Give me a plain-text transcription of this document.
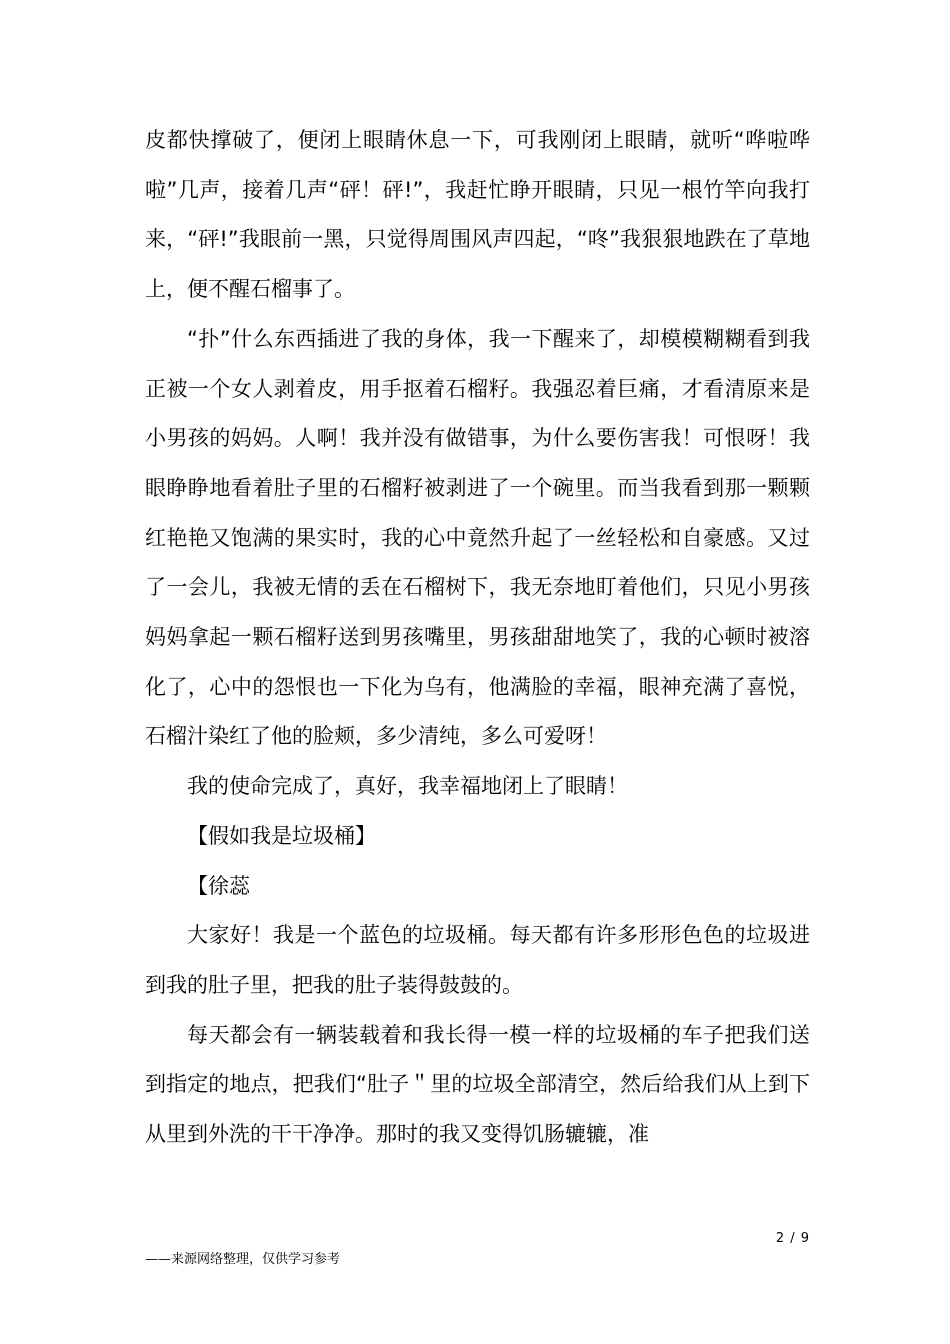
皮都快撑破了，便闭上眼睛休息一下，可我刚闭上眼睛，就听“哗啦哗啦”几声，接着几声“砰！砰!”，我赶忙睁开眼睛，只见一根竹竿向我打来，“砰!”我眼前一黑，只觉得周围风声四起，“咚”我狠狠地跌在了草地上，便不醒石榴事了。

“扑”什么东西插进了我的身体，我一下醒来了，却模模糊糊看到我正被一个女人剥着皮，用手抠着石榴籽。我强忍着巨痛，才看清原来是小男孩的妈妈。人啊！我并没有做错事，为什么要伤害我！可恨呀！我眼睁睁地看着肚子里的石榴籽被剥进了一个碗里。而当我看到那一颗颗红艳艳又饱满的果实时，我的心中竟然升起了一丝轻松和自豪感。又过了一会儿，我被无情的丢在石榴树下，我无奈地盯着他们，只见小男孩妈妈拿起一颗石榴籽送到男孩嘴里，男孩甜甜地笑了，我的心顿时被溶化了，心中的怨恨也一下化为乌有，他满脸的幸福，眼神充满了喜悦，石榴汁染红了他的脸颊，多少清纯，多么可爱呀！

我的使命完成了，真好，我幸福地闭上了眼睛！

【假如我是垃圾桶】

【徐蕊

大家好！我是一个蓝色的垃圾桶。每天都有许多形形色色的垃圾进到我的肚子里，把我的肚子装得鼓鼓的。

每天都会有一辆装载着和我长得一模一样的垃圾桶的车子把我们送到指定的地点，把我们“肚子＂里的垃圾全部清空，然后给我们从上到下从里到外洗的干干净净。那时的我又变得饥肠辘辘，准

2 / 9
——来源网络整理，仅供学习参考
